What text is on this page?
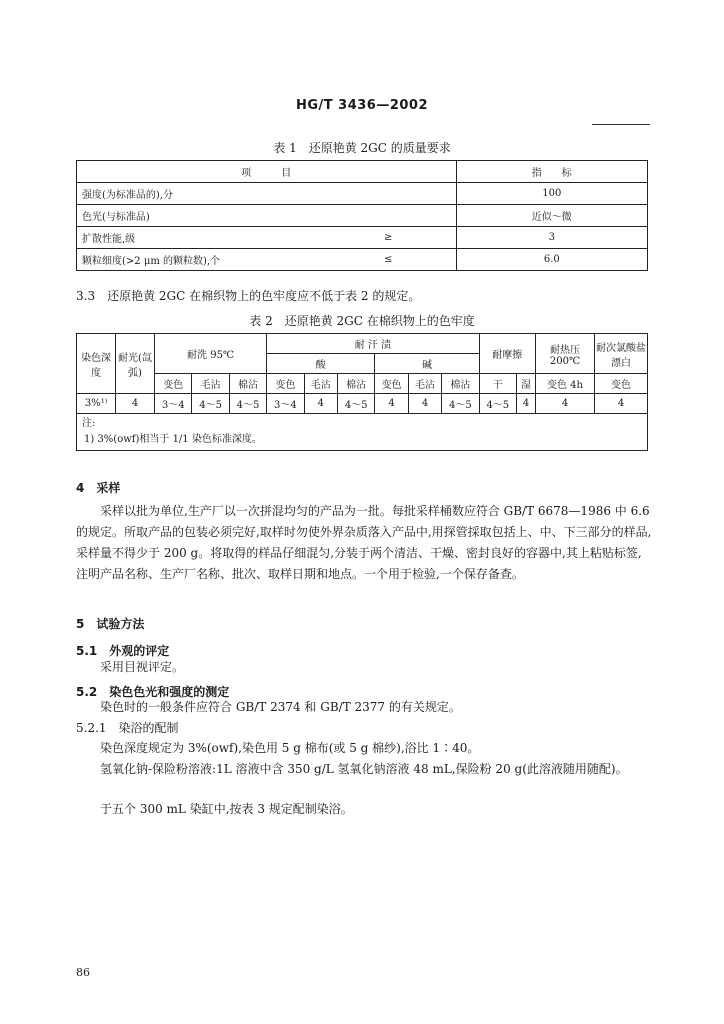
HG/T 3436—2002
表 1　还原艳黄 2GC 的质量要求
项　　　目		指　　标
强度(为标准品的),分		100
色光(与标准品)		近似～微
扩散性能,级	≥	3
颗粒细度(>2 μm 的颗粒数),个	≤	6.0
3.3　还原艳黄 2GC 在棉织物上的色牢度应不低于表 2 的规定。
表 2　还原艳黄 2GC 在棉织物上的色牢度
染色深度	耐光(氙弧)	耐洗 95℃			耐 汗 渍						耐摩擦		耐热压 200℃	耐次氯酸盐漂白
					酸			碱						
		变色	毛沾	棉沾	变色	毛沾	棉沾	变色	毛沾	棉沾	干	湿	变色 4h	变色
3%¹⁾	4	3～4	4～5	4～5	3～4	4	4～5	4	4	4～5	4～5	4	4	4

注:
1) 3%(owf)相当于 1/1 染色标准深度。														
4　采样
采样以批为单位,生产厂以一次拼混均匀的产品为一批。每批采样桶数应符合 GB/T 6678—1986 中 6.6 的规定。所取产品的包装必须完好,取样时勿使外界杂质落入产品中,用探管採取包括上、中、下三部分的样品,采样量不得少于 200 g。将取得的样品仔细混匀,分装于两个清洁、干燥、密封良好的容器中,其上粘贴标签,注明产品名称、生产厂名称、批次、取样日期和地点。一个用于检验,一个保存备查。
5　试验方法
5.1　外观的评定
采用目视评定。
5.2　染色色光和强度的测定
染色时的一般条件应符合 GB/T 2374 和 GB/T 2377 的有关规定。
5.2.1　染浴的配制
染色深度规定为 3%(owf),染色用 5 g 棉布(或 5 g 棉纱),浴比 1∶40。
氢氧化钠-保险粉溶液:1L 溶液中含 350 g/L 氢氧化钠溶液 48 mL,保险粉 20 g(此溶液随用随配)。
于五个 300 mL 染缸中,按表 3 规定配制染浴。
86
